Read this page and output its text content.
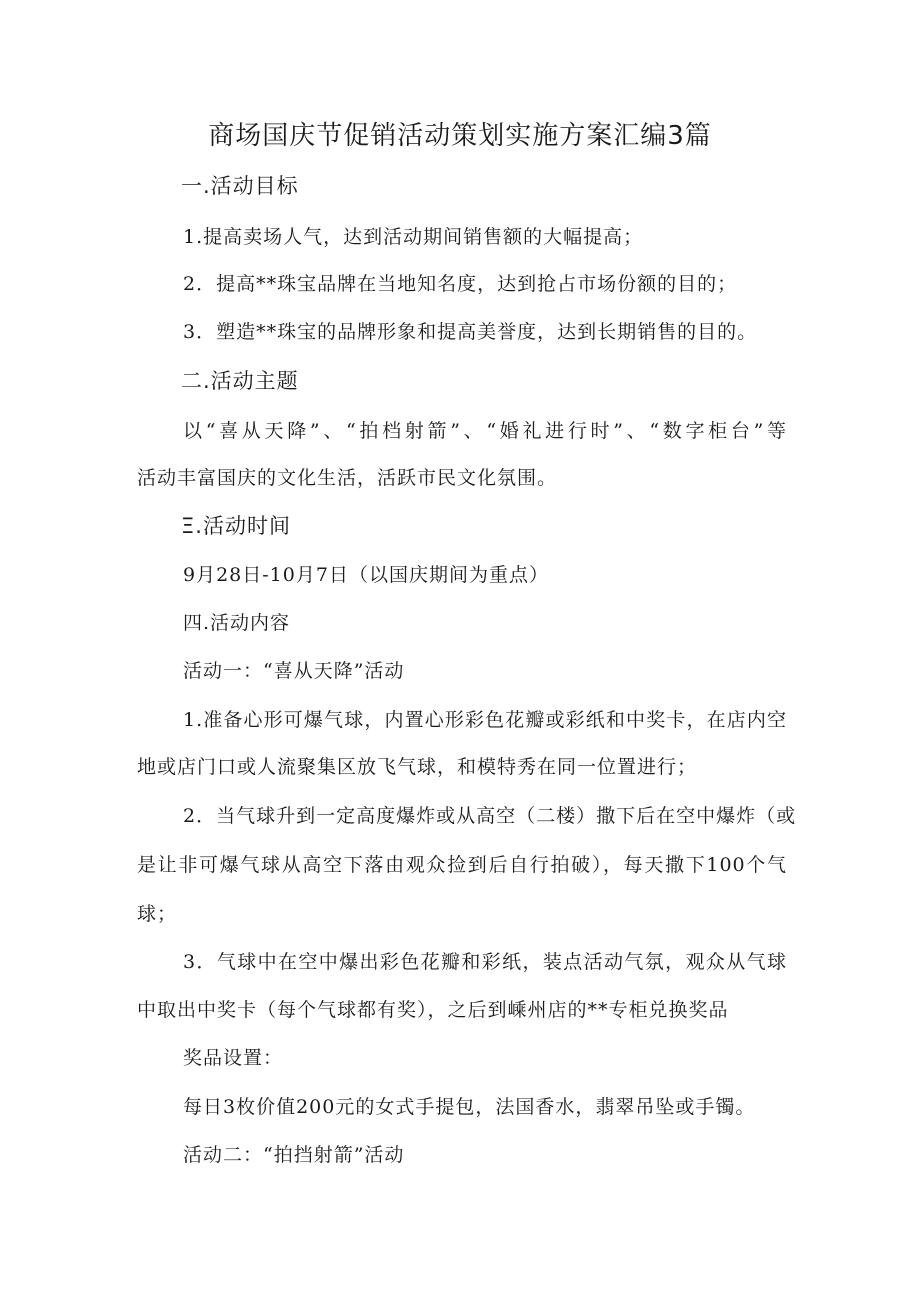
商场国庆节促销活动策划实施方案汇编3篇
一.活动目标
1.提高卖场人气，达到活动期间销售额的大幅提高；
2．提高**珠宝品牌在当地知名度，达到抢占市场份额的目的；
3．塑造**珠宝的品牌形象和提高美誉度，达到长期销售的目的。
二.活动主题
以“喜从天降”、“拍档射箭”、“婚礼进行时”、“数字柜台”等
活动丰富国庆的文化生活，活跃市民文化氛围。
Ξ.活动时间
9月28日-10月7日（以国庆期间为重点）
四.活动内容
活动一：“喜从天降”活动
1.准备心形可爆气球，内置心形彩色花瓣或彩纸和中奖卡，在店内空
地或店门口或人流聚集区放飞气球，和模特秀在同一位置进行；
2．当气球升到一定高度爆炸或从高空（二楼）撒下后在空中爆炸（或
是让非可爆气球从高空下落由观众捡到后自行拍破），每天撒下100个气
球；
3．气球中在空中爆出彩色花瓣和彩纸，装点活动气氛，观众从气球
中取出中奖卡（每个气球都有奖），之后到嵊州店的**专柜兑换奖品
奖品设置：
每日3枚价值200元的女式手提包，法国香水，翡翠吊坠或手镯。
活动二：“拍挡射箭”活动
